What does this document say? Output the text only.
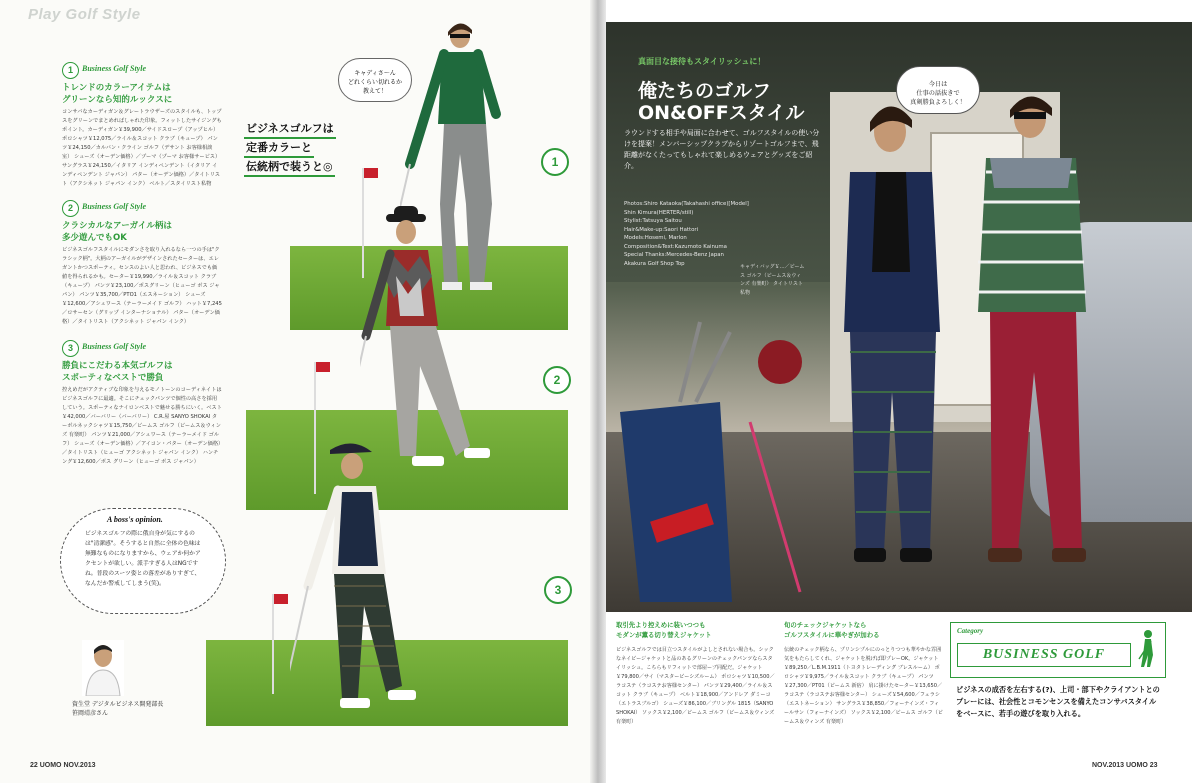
Play Golf Style
1	Business Golf Style
トレンドのカラーアイテムは
グリーンなら知的ルックスに
コンサバなカーディガン＆グレートラウザーズのスタイルも、トップスをグリーンでまとめればしゃれた印象。フィットしたサイジングもポイント。カーディガン￥39,900／サイドスロープ（アップヒル） ポロシャツ￥12,075／ライル＆スコット クラブ（キュープ） パンツ￥24,150／カルバン・クライン ゴルフ（デサント お客様相談室） シューズ（オーデン価格）／プーマ（プーマ お客様サービス） サングラス￥24,150／イタリア インディペンデント（イタリア インディペンデント ジャパン） パター（オーデン価格）／タイトリスト（アクシネット ジャパン インク） ベルト／スタイリスト私物
2	Business Golf Style
クラシカルなアーガイル柄は
多少遊んでもOK
ビジネスゴルフスタイルにモダンさを取り入れるなら一つの手は"クラシック柄"。大柄のアーガイルがデザインされたセーターは、エレガントかつスポーティ。センスのよい人と思われ、ビジネスでも価値を得られるかも。セーター￥19,990／ライル＆スコット クラブ（キュープ） パンツ￥23,100／ポスグリーン（ヒューゴ ボス ジャパン） パンツ￥35,700／PTO1（エスネーション） シューズ￥12,600／アシュワース（テーラーメイド ゴルフ） ハット￥7,245／ロサーセン（グリップ インターナショナル） パター（オーデン価格）／タイトリスト（アクシネット ジャパン インク）
3	Business Golf Style
勝負にこだわる本気ゴルフは
スポーティなベストで勝負
控えめだがアクティブな印象を与えるモノトーンのコーディネイトはビジネスゴルフに最適。そこにチェックパンツで個性の高さを採用していう。スポーティなナイロンベストで魅せる勝ちにいく。ベスト￥42,000／バーバリー（バーバリー） C.R.屋 SANYO SHOKAI ターボルネックシャツ￥15,750／ビームス ゴルフ（ビームス＆ウィンズ 有楽町） パンツ￥21,000／アシュワース（テーラーメイド ゴルフ） シューズ（オーデン価格）／アイコン・パター（オーデン価格）／タイトリスト（ヒューゴ アクシネット ジャパン インク） ハンチング￥12,600／ボス グリーン（ヒューゴ ボス ジャパン）
ビジネスゴルフは
定番カラーと
伝統柄で装うと◎
キャディさ〜ん
どれくらい切れるか
教えて！
1
2
3
A boss's opinion.
ビジネスゴルフの際に俄自身が気にするのは"清潔感"。そうすると自然に全体の色味は無難なものになりますから、ウェアか何かアクセントが欲しい。派手すぎる人はNGですね。普段のスーツ姿との落差がありすぎて、なんだか警戒してしまう(笑)。
資生堂 デジタルビジネス開発部長
笹岡靖彦さん
22 UOMO NOV.2013
今日は
仕事の話抜きで
真剣勝負よろしく！
真面目な接待もスタイリッシュに！
俺たちのゴルフ
ON&OFFスタイル
ラウンドする相手や局面に合わせて、ゴルフスタイルの使い分けを提案！メンバーシップクラブからリゾートゴルフまで、飛距離がなくたってもしゃれて楽しめるウェアとグッズをご紹介。
Photos:Shiro Kataoka(Takahashi office)[Model]
Shin Kimura(HERTER/still)
Stylist:Tatsuya Saitou
Hair&Make-up:Saori Hattori
Models:Hosemi, Marlon
Composition&Text:Kazumoto Kainuma
Special Thanks:Mercedes-Benz Japan
Akakura Golf Shop Top
キャディバッグ￥…／ビームス ゴルフ（ビームス＆ウィンズ 有楽町） タイトリスト私物
取引先より控えめに装いつつも
モダンが薫る切り替えジャケット
ビジネスゴルフでは目立つスタイルがよしとされない場合も。シックなネイビージャケットと品のあるグリーンのチェックパンツならスタイリッシュ。こちらもリフィットで部屋ーブ同配だ。ジャケット￥79,800／サイ（マスタービーシズルーム） ポロシャツ￥10,500／ラコステ（ラコステお客様センター） パンツ￥29,400／ライル＆スコット クラブ（キュープ） ベルト￥18,900／アンドレア ダミーコ（エトラスブルゴ） シューズ￥86,100／ブリングル 1815（SANYO SHOKAI） ソックス￥2,100／ビームス ゴルフ（ビームス＆ウィンズ 有楽町）
旬のチェックジャケットなら
ゴルフスタイルに華やぎが加わる
伝統のチェック柄なら、プリンシプルにのっとりつつも華やかな雰囲気をもたらしてくれ、ジャケットを脱げば即プレーOK。ジャケット￥89,250／L.B.M.1911（トヨタトレーディング ブレスルーム） ポロシャツ￥9,975／ライル＆スコット クラブ（キュープ） パンツ￥27,300／PT01（ビームス 新宿） 肩に掛けたセーター￥13,650／ラコステ（ラコステお客様センター） シューズ￥54,600／フェラシ（エストネーション） サングラス￥38,850／フォーナインズ・フィールサン（フォーナインズ） ソックス￥2,100／ビームス ゴルフ（ビームス＆ウィンズ 有楽町）
Category
BUSINESS GOLF
ビジネスの成否を左右する(?)、上司・部下やクライアントとのプレーには、社会性とコモンセンスを備えたコンサバスタイルをベースに、若手の遊びを取り入れる。
NOV.2013 UOMO 23
